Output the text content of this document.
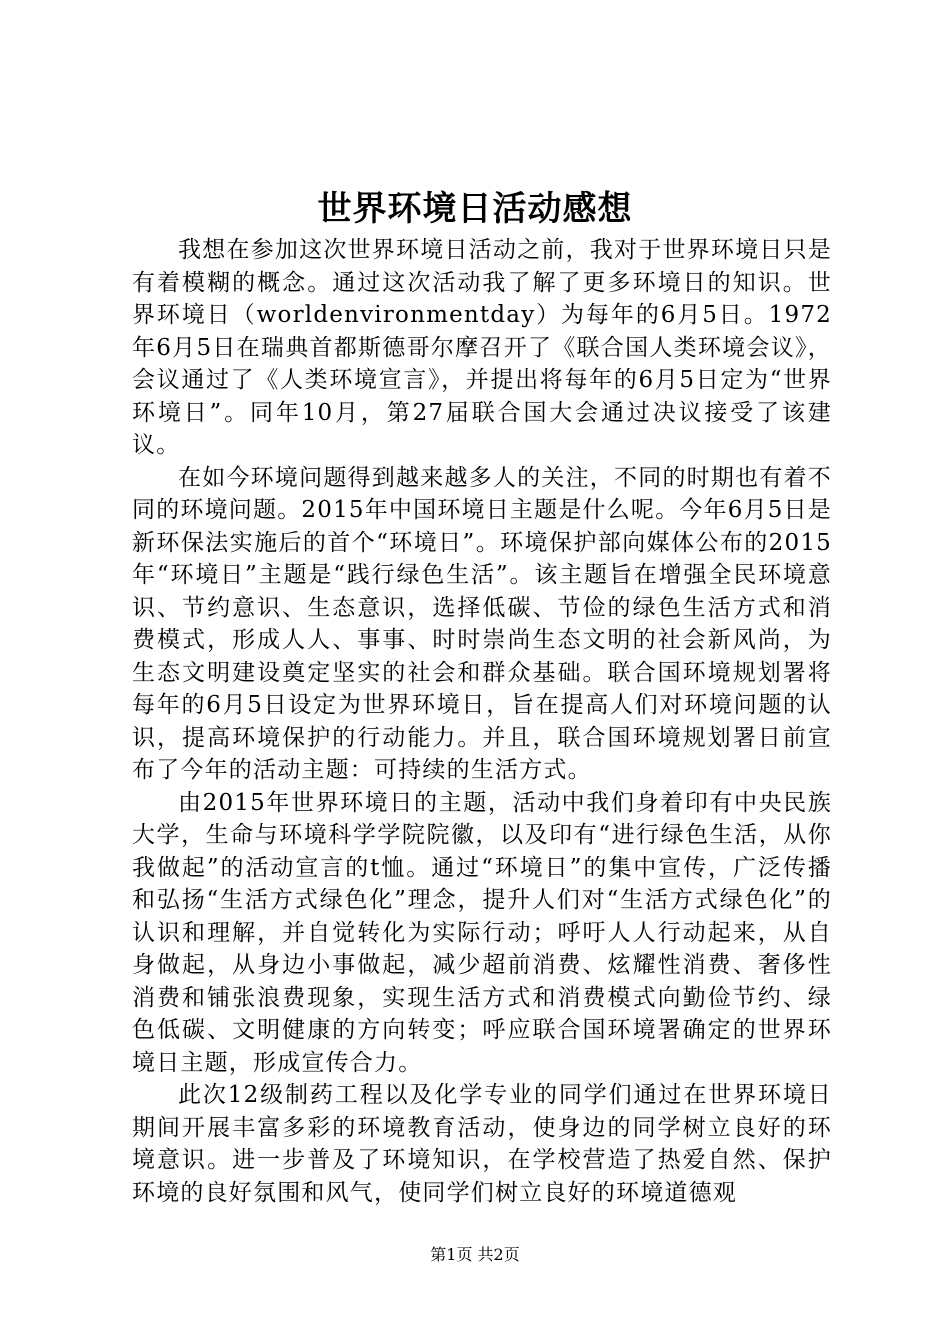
世界环境日活动感想

我想在参加这次世界环境日活动之前，我对于世界环境日只是有着模糊的概念。通过这次活动我了解了更多环境日的知识。世界环境日（worldenvironmentday）为每年的6月5日。1972年6月5日在瑞典首都斯德哥尔摩召开了《联合国人类环境会议》，会议通过了《人类环境宣言》，并提出将每年的6月5日定为“世界环境日”。同年10月，第27届联合国大会通过决议接受了该建议。

在如今环境问题得到越来越多人的关注，不同的时期也有着不同的环境问题。2015年中国环境日主题是什么呢。今年6月5日是新环保法实施后的首个“环境日”。环境保护部向媒体公布的2015年“环境日”主题是“践行绿色生活”。该主题旨在增强全民环境意识、节约意识、生态意识，选择低碳、节俭的绿色生活方式和消费模式，形成人人、事事、时时崇尚生态文明的社会新风尚，为生态文明建设奠定坚实的社会和群众基础。联合国环境规划署将每年的6月5日设定为世界环境日，旨在提高人们对环境问题的认识，提高环境保护的行动能力。并且，联合国环境规划署日前宣布了今年的活动主题：可持续的生活方式。

由2015年世界环境日的主题，活动中我们身着印有中央民族大学，生命与环境科学学院院徽，以及印有“进行绿色生活，从你我做起”的活动宣言的t恤。通过“环境日”的集中宣传，广泛传播和弘扬“生活方式绿色化”理念，提升人们对“生活方式绿色化”的认识和理解，并自觉转化为实际行动；呼吁人人行动起来，从自身做起，从身边小事做起，减少超前消费、炫耀性消费、奢侈性消费和铺张浪费现象，实现生活方式和消费模式向勤俭节约、绿色低碳、文明健康的方向转变；呼应联合国环境署确定的世界环境日主题，形成宣传合力。

此次12级制药工程以及化学专业的同学们通过在世界环境日期间开展丰富多彩的环境教育活动，使身边的同学树立良好的环境意识。进一步普及了环境知识，在学校营造了热爱自然、保护环境的良好氛围和风气，使同学们树立良好的环境道德观

第1页 共2页
